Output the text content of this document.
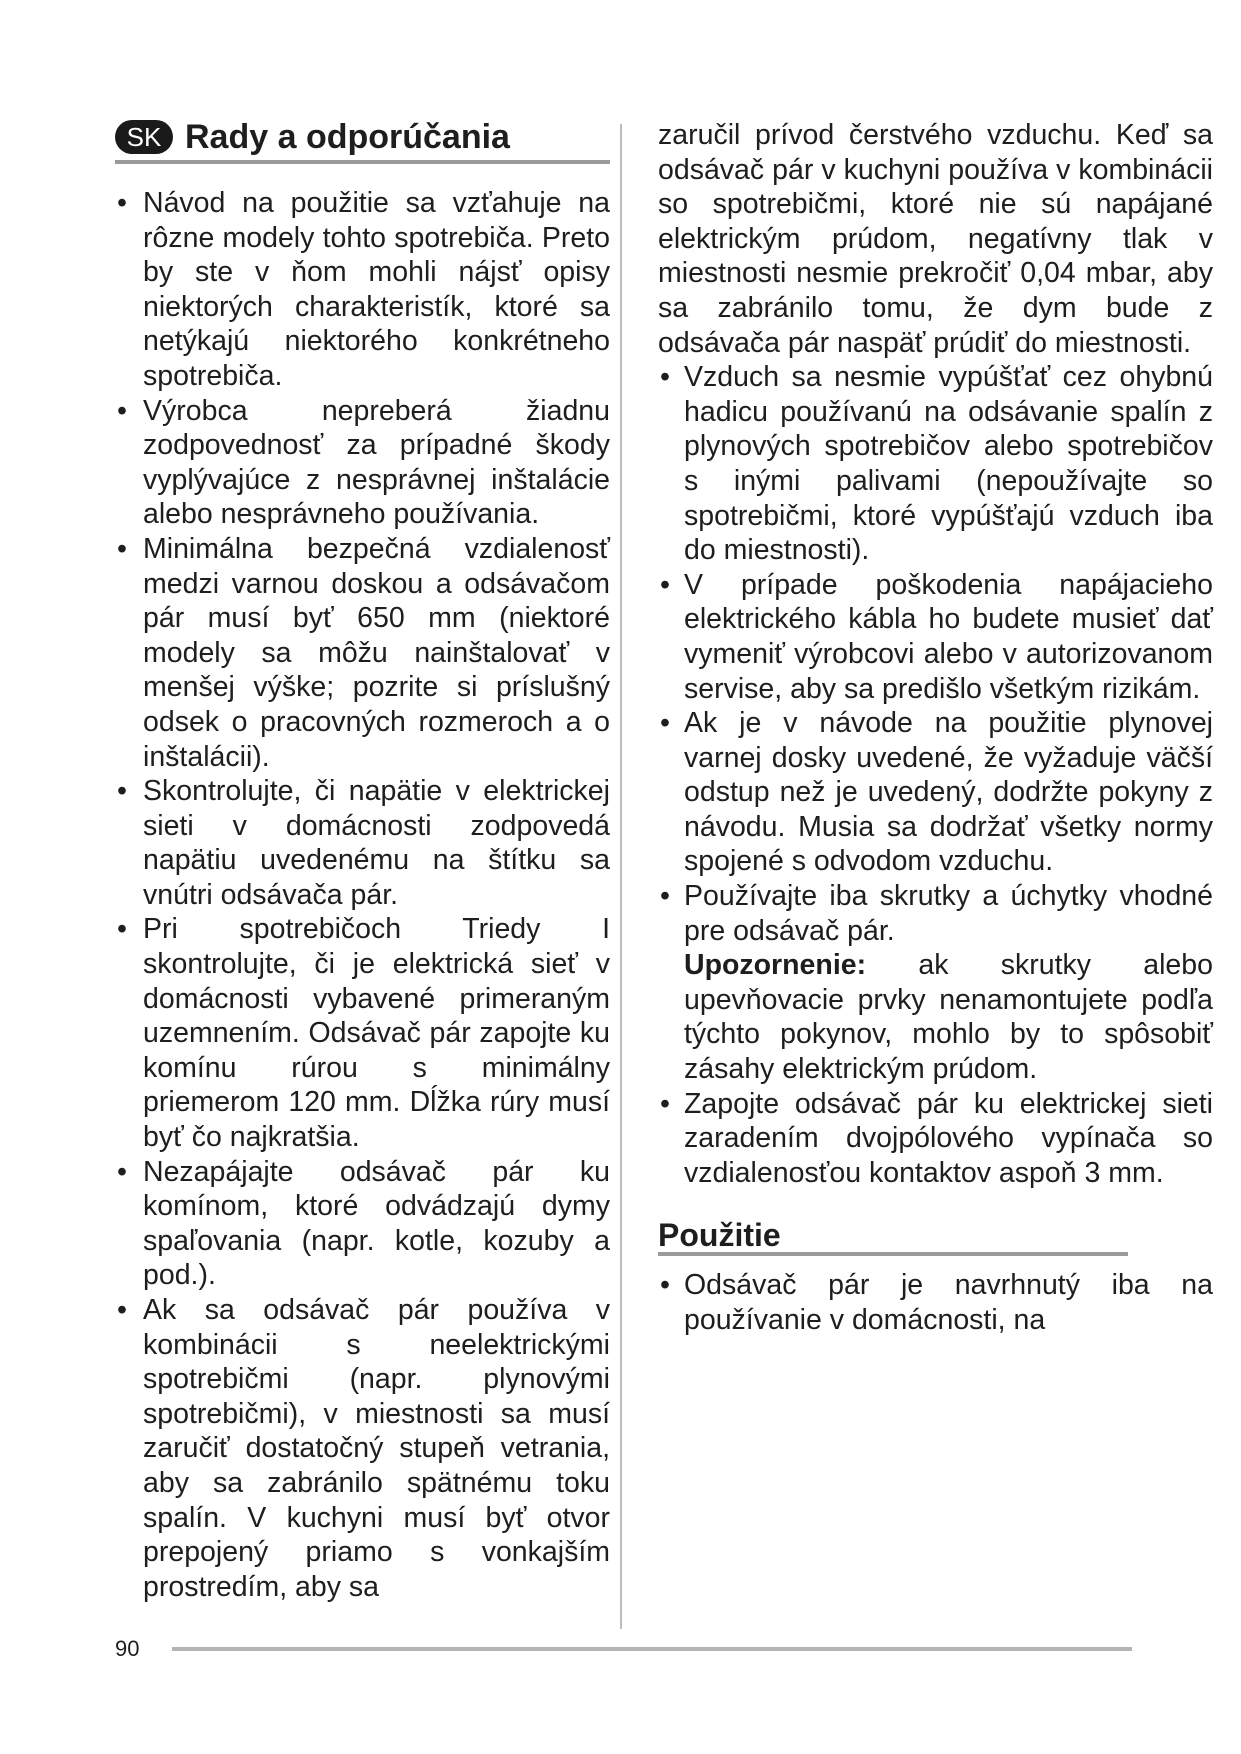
SK Rady a odporúčania

• Návod na použitie sa vzťahuje na rôzne modely tohto spotrebiča. Preto by ste v ňom mohli nájsť opisy niektorých charakteristík, ktoré sa netýkajú niektorého konkrétneho spotrebiča.

• Výrobca nepreberá žiadnu zodpovednosť za prípadné škody vyplývajúce z nesprávnej inštalácie alebo nesprávneho používania.

• Minimálna bezpečná vzdialenosť medzi varnou doskou a odsávačom pár musí byť 650 mm (niektoré modely sa môžu nainštalovať v menšej výške; pozrite si príslušný odsek o pracovných rozmeroch a o inštalácii).

• Skontrolujte, či napätie v elektrickej sieti v domácnosti zodpovedá napätiu uvedenému na štítku sa vnútri odsávača pár.

• Pri spotrebičoch Triedy I skontrolujte, či je elektrická sieť v domácnosti vybavené primeraným uzemnením. Odsávač pár zapojte ku komínu rúrou s minimálny priemerom 120 mm. Dĺžka rúry musí byť čo najkratšia.

• Nezapájajte odsávač pár ku komínom, ktoré odvádzajú dymy spaľovania (napr. kotle, kozuby a pod.).

• Ak sa odsávač pár používa v kombinácii s neelektrickými spotrebičmi (napr. plynovými spotrebičmi), v miestnosti sa musí zaručiť dostatočný stupeň vetrania, aby sa zabránilo spätnému toku spalín. V kuchyni musí byť otvor prepojený priamo s vonkajším prostredím, aby sa

zaručil prívod čerstvého vzduchu. Keď sa odsávač pár v kuchyni používa v kombinácii so spotrebičmi, ktoré nie sú napájané elektrickým prúdom, negatívny tlak v miestnosti nesmie prekročiť 0,04 mbar, aby sa zabránilo tomu, že dym bude z odsávača pár naspäť prúdiť do miestnosti.

• Vzduch sa nesmie vypúšťať cez ohybnú hadicu používanú na odsávanie spalín z plynových spotrebičov alebo spotrebičov s inými palivami (nepoužívajte so spotrebičmi, ktoré vypúšťajú vzduch iba do miestnosti).

• V prípade poškodenia napájacieho elektrického kábla ho budete musieť dať vymeniť výrobcovi alebo v autorizovanom servise, aby sa predišlo všetkým rizikám.

• Ak je v návode na použitie plynovej varnej dosky uvedené, že vyžaduje väčší odstup než je uvedený, dodržte pokyny z návodu. Musia sa dodržať všetky normy spojené s odvodom vzduchu.

• Používajte iba skrutky a úchytky vhodné pre odsávač pár.

Upozornenie: ak skrutky alebo upevňovacie prvky nenamontujete podľa týchto pokynov, mohlo by to spôsobiť zásahy elektrickým prúdom.

• Zapojte odsávač pár ku elektrickej sieti zaradením dvojpólového vypínača so vzdialenosťou kontaktov aspoň 3 mm.

Použitie

• Odsávač pár je navrhnutý iba na používanie v domácnosti, na

90
